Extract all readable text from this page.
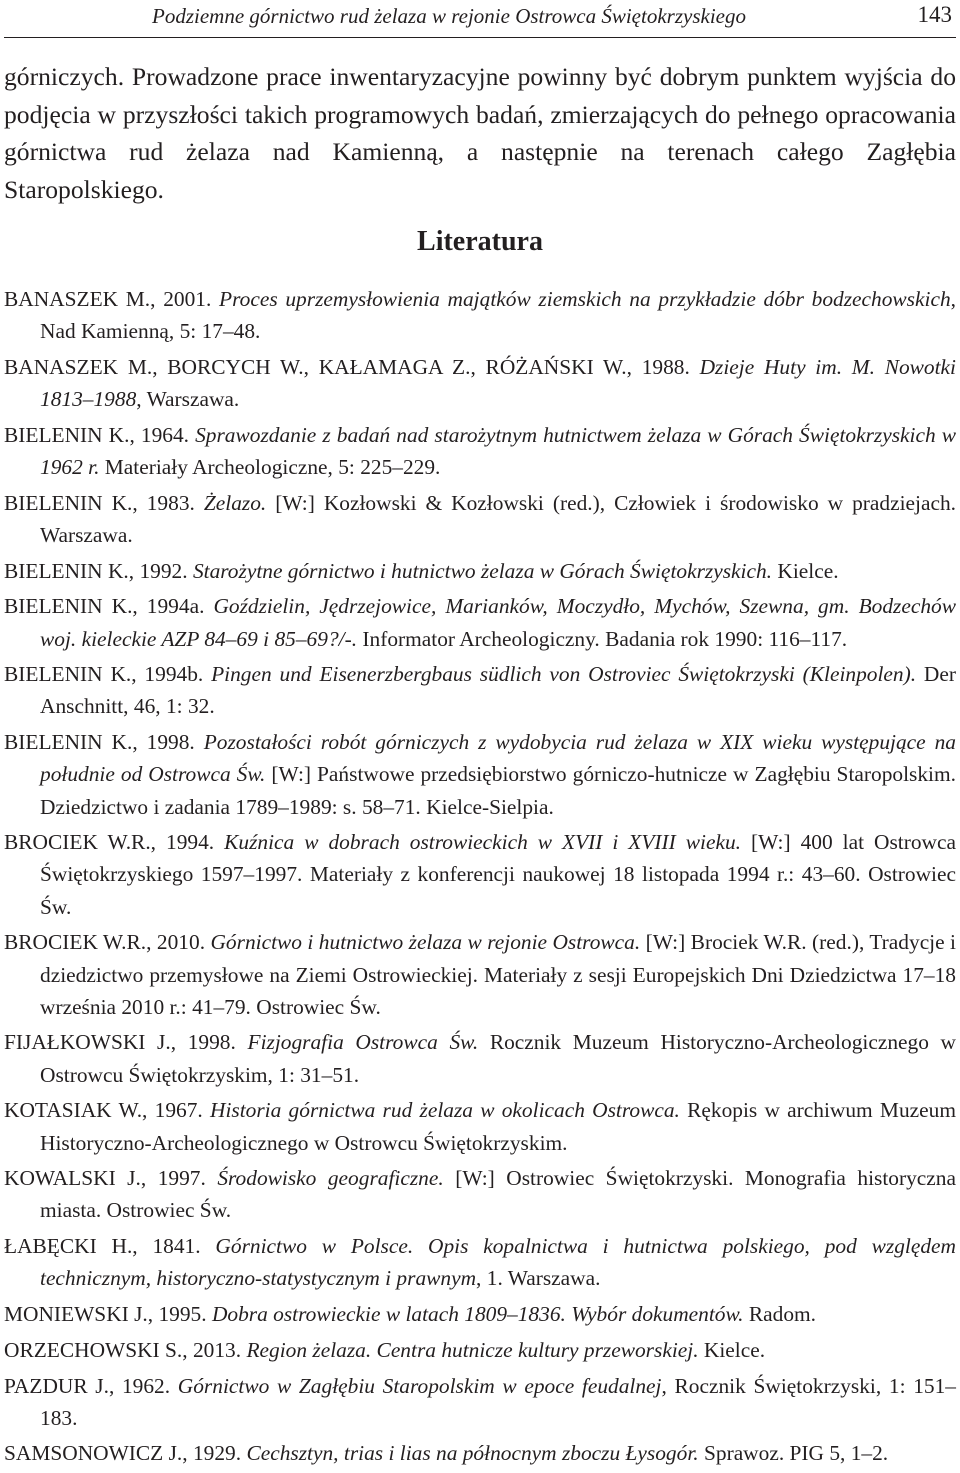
Podziemne górnictwo rud żelaza w rejonie Ostrowca Świętokrzyskiego	143

górniczych. Prowadzone prace inwentaryzacyjne powinny być dobrym punktem wyjścia do podjęcia w przyszłości takich programowych badań, zmierzających do pełnego opracowania górnictwa rud żelaza nad Kamienną, a następnie na terenach całego Zagłębia Staropolskiego.

Literatura
BANASZEK M., 2001. Proces uprzemysłowienia majątków ziemskich na przykładzie dóbr bodzechowskich, Nad Kamienną, 5: 17–48.
BANASZEK M., BORCYCH W., KAŁAMAGA Z., RÓŻAŃSKI W., 1988. Dzieje Huty im. M. Nowotki 1813–1988, Warszawa.
BIELENIN K., 1964. Sprawozdanie z badań nad starożytnym hutnictwem żelaza w Górach Świętokrzyskich w 1962 r. Materiały Archeologiczne, 5: 225–229.
BIELENIN K., 1983. Żelazo. [W:] Kozłowski & Kozłowski (red.), Człowiek i środowisko w pradziejach. Warszawa.
BIELENIN K., 1992. Starożytne górnictwo i hutnictwo żelaza w Górach Świętokrzyskich. Kielce.
BIELENIN K., 1994a. Goździelin, Jędrzejowice, Marianków, Moczydło, Mychów, Szewna, gm. Bodzechów woj. kieleckie AZP 84–69 i 85–69?/-. Informator Archeologiczny. Badania rok 1990: 116–117.
BIELENIN K., 1994b. Pingen und Eisenerzbergbaus südlich von Ostroviec Świętokrzyski (Kleinpolen). Der Anschnitt, 46, 1: 32.
BIELENIN K., 1998. Pozostałości robót górniczych z wydobycia rud żelaza w XIX wieku występujące na południe od Ostrowca Św. [W:] Państwowe przedsiębiorstwo górniczo-hutnicze w Zagłębiu Staropolskim. Dziedzictwo i zadania 1789–1989: s. 58–71. Kielce-Sielpia.
BROCIEK W.R., 1994. Kuźnica w dobrach ostrowieckich w XVII i XVIII wieku. [W:] 400 lat Ostrowca Świętokrzyskiego 1597–1997. Materiały z konferencji naukowej 18 listopada 1994 r.: 43–60. Ostrowiec Św.
BROCIEK W.R., 2010. Górnictwo i hutnictwo żelaza w rejonie Ostrowca. [W:] Brociek W.R. (red.), Tradycje i dziedzictwo przemysłowe na Ziemi Ostrowieckiej. Materiały z sesji Europejskich Dni Dziedzictwa 17–18 września 2010 r.: 41–79. Ostrowiec Św.
FIJAŁKOWSKI J., 1998. Fizjografia Ostrowca Św. Rocznik Muzeum Historyczno-Archeologicznego w Ostrowcu Świętokrzyskim, 1: 31–51.
KOTASIAK W., 1967. Historia górnictwa rud żelaza w okolicach Ostrowca. Rękopis w archiwum Muzeum Historyczno-Archeologicznego w Ostrowcu Świętokrzyskim.
KOWALSKI J., 1997. Środowisko geograficzne. [W:] Ostrowiec Świętokrzyski. Monografia historyczna miasta. Ostrowiec Św.
ŁABĘCKI H., 1841. Górnictwo w Polsce. Opis kopalnictwa i hutnictwa polskiego, pod względem technicznym, historyczno-statystycznym i prawnym, 1. Warszawa.
MONIEWSKI J., 1995. Dobra ostrowieckie w latach 1809–1836. Wybór dokumentów. Radom.
ORZECHOWSKI S., 2013. Region żelaza. Centra hutnicze kultury przeworskiej. Kielce.
PAZDUR J., 1962. Górnictwo w Zagłębiu Staropolskim w epoce feudalnej, Rocznik Świętokrzyski, 1: 151–183.
SAMSONOWICZ J., 1929. Cechsztyn, trias i lias na północnym zboczu Łysogór. Sprawoz. PIG 5, 1–2.
